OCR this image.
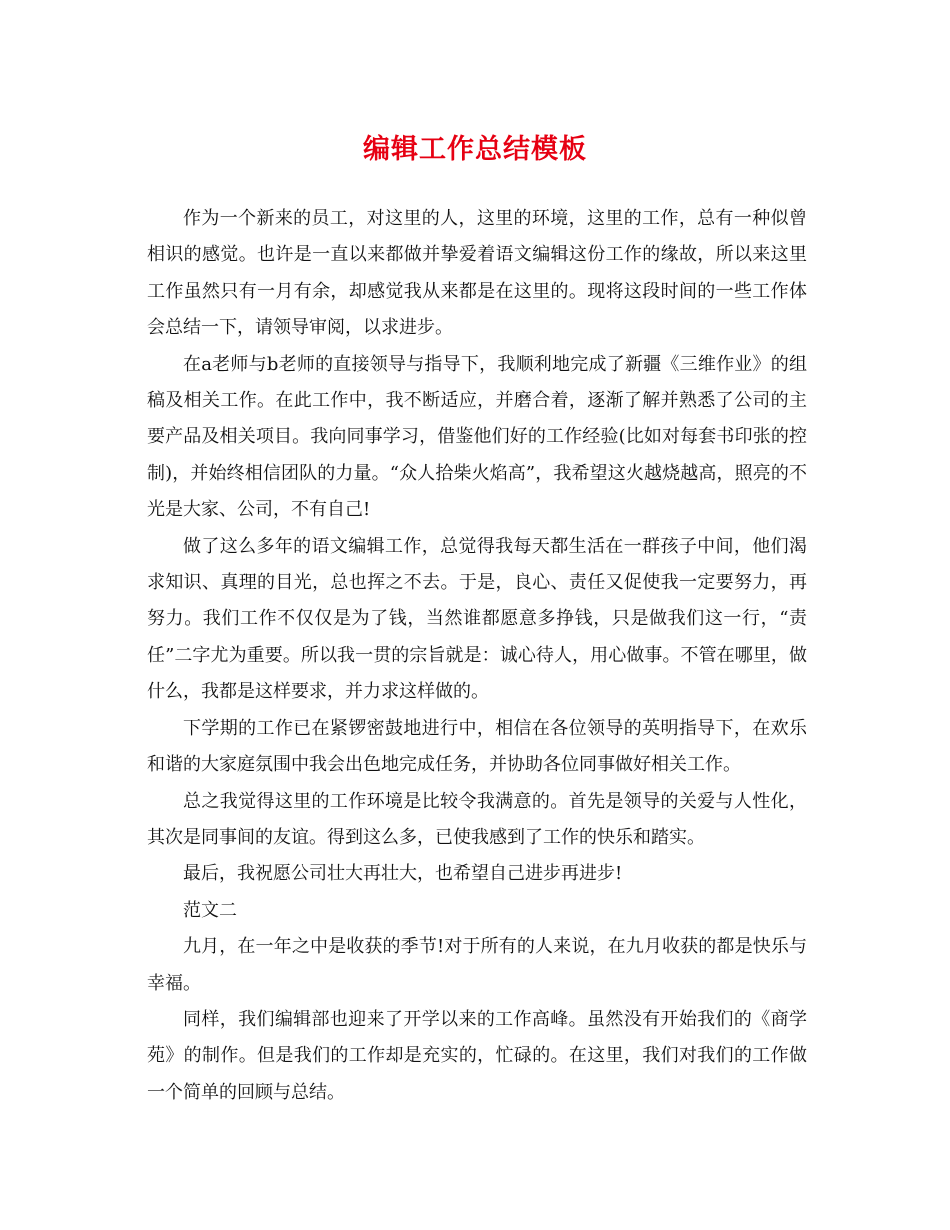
编辑工作总结模板

作为一个新来的员工，对这里的人，这里的环境，这里的工作，总有一种似曾相识的感觉。也许是一直以来都做并挚爱着语文编辑这份工作的缘故，所以来这里工作虽然只有一月有余，却感觉我从来都是在这里的。现将这段时间的一些工作体会总结一下，请领导审阅，以求进步。

在a老师与b老师的直接领导与指导下，我顺利地完成了新疆《三维作业》的组稿及相关工作。在此工作中，我不断适应，并磨合着，逐渐了解并熟悉了公司的主要产品及相关项目。我向同事学习，借鉴他们好的工作经验(比如对每套书印张的控制)，并始终相信团队的力量。“众人拾柴火焰高”，我希望这火越烧越高，照亮的不光是大家、公司，不有自己!

做了这么多年的语文编辑工作，总觉得我每天都生活在一群孩子中间，他们渴求知识、真理的目光，总也挥之不去。于是，良心、责任又促使我一定要努力，再努力。我们工作不仅仅是为了钱，当然谁都愿意多挣钱，只是做我们这一行，“责任”二字尤为重要。所以我一贯的宗旨就是：诚心待人，用心做事。不管在哪里，做什么，我都是这样要求，并力求这样做的。

下学期的工作已在紧锣密鼓地进行中，相信在各位领导的英明指导下，在欢乐和谐的大家庭氛围中我会出色地完成任务，并协助各位同事做好相关工作。

总之我觉得这里的工作环境是比较令我满意的。首先是领导的关爱与人性化，其次是同事间的友谊。得到这么多，已使我感到了工作的快乐和踏实。

最后，我祝愿公司壮大再壮大，也希望自己进步再进步!

范文二

九月，在一年之中是收获的季节!对于所有的人来说，在九月收获的都是快乐与幸福。

同样，我们编辑部也迎来了开学以来的工作高峰。虽然没有开始我们的《商学苑》的制作。但是我们的工作却是充实的，忙碌的。在这里，我们对我们的工作做一个简单的回顾与总结。
